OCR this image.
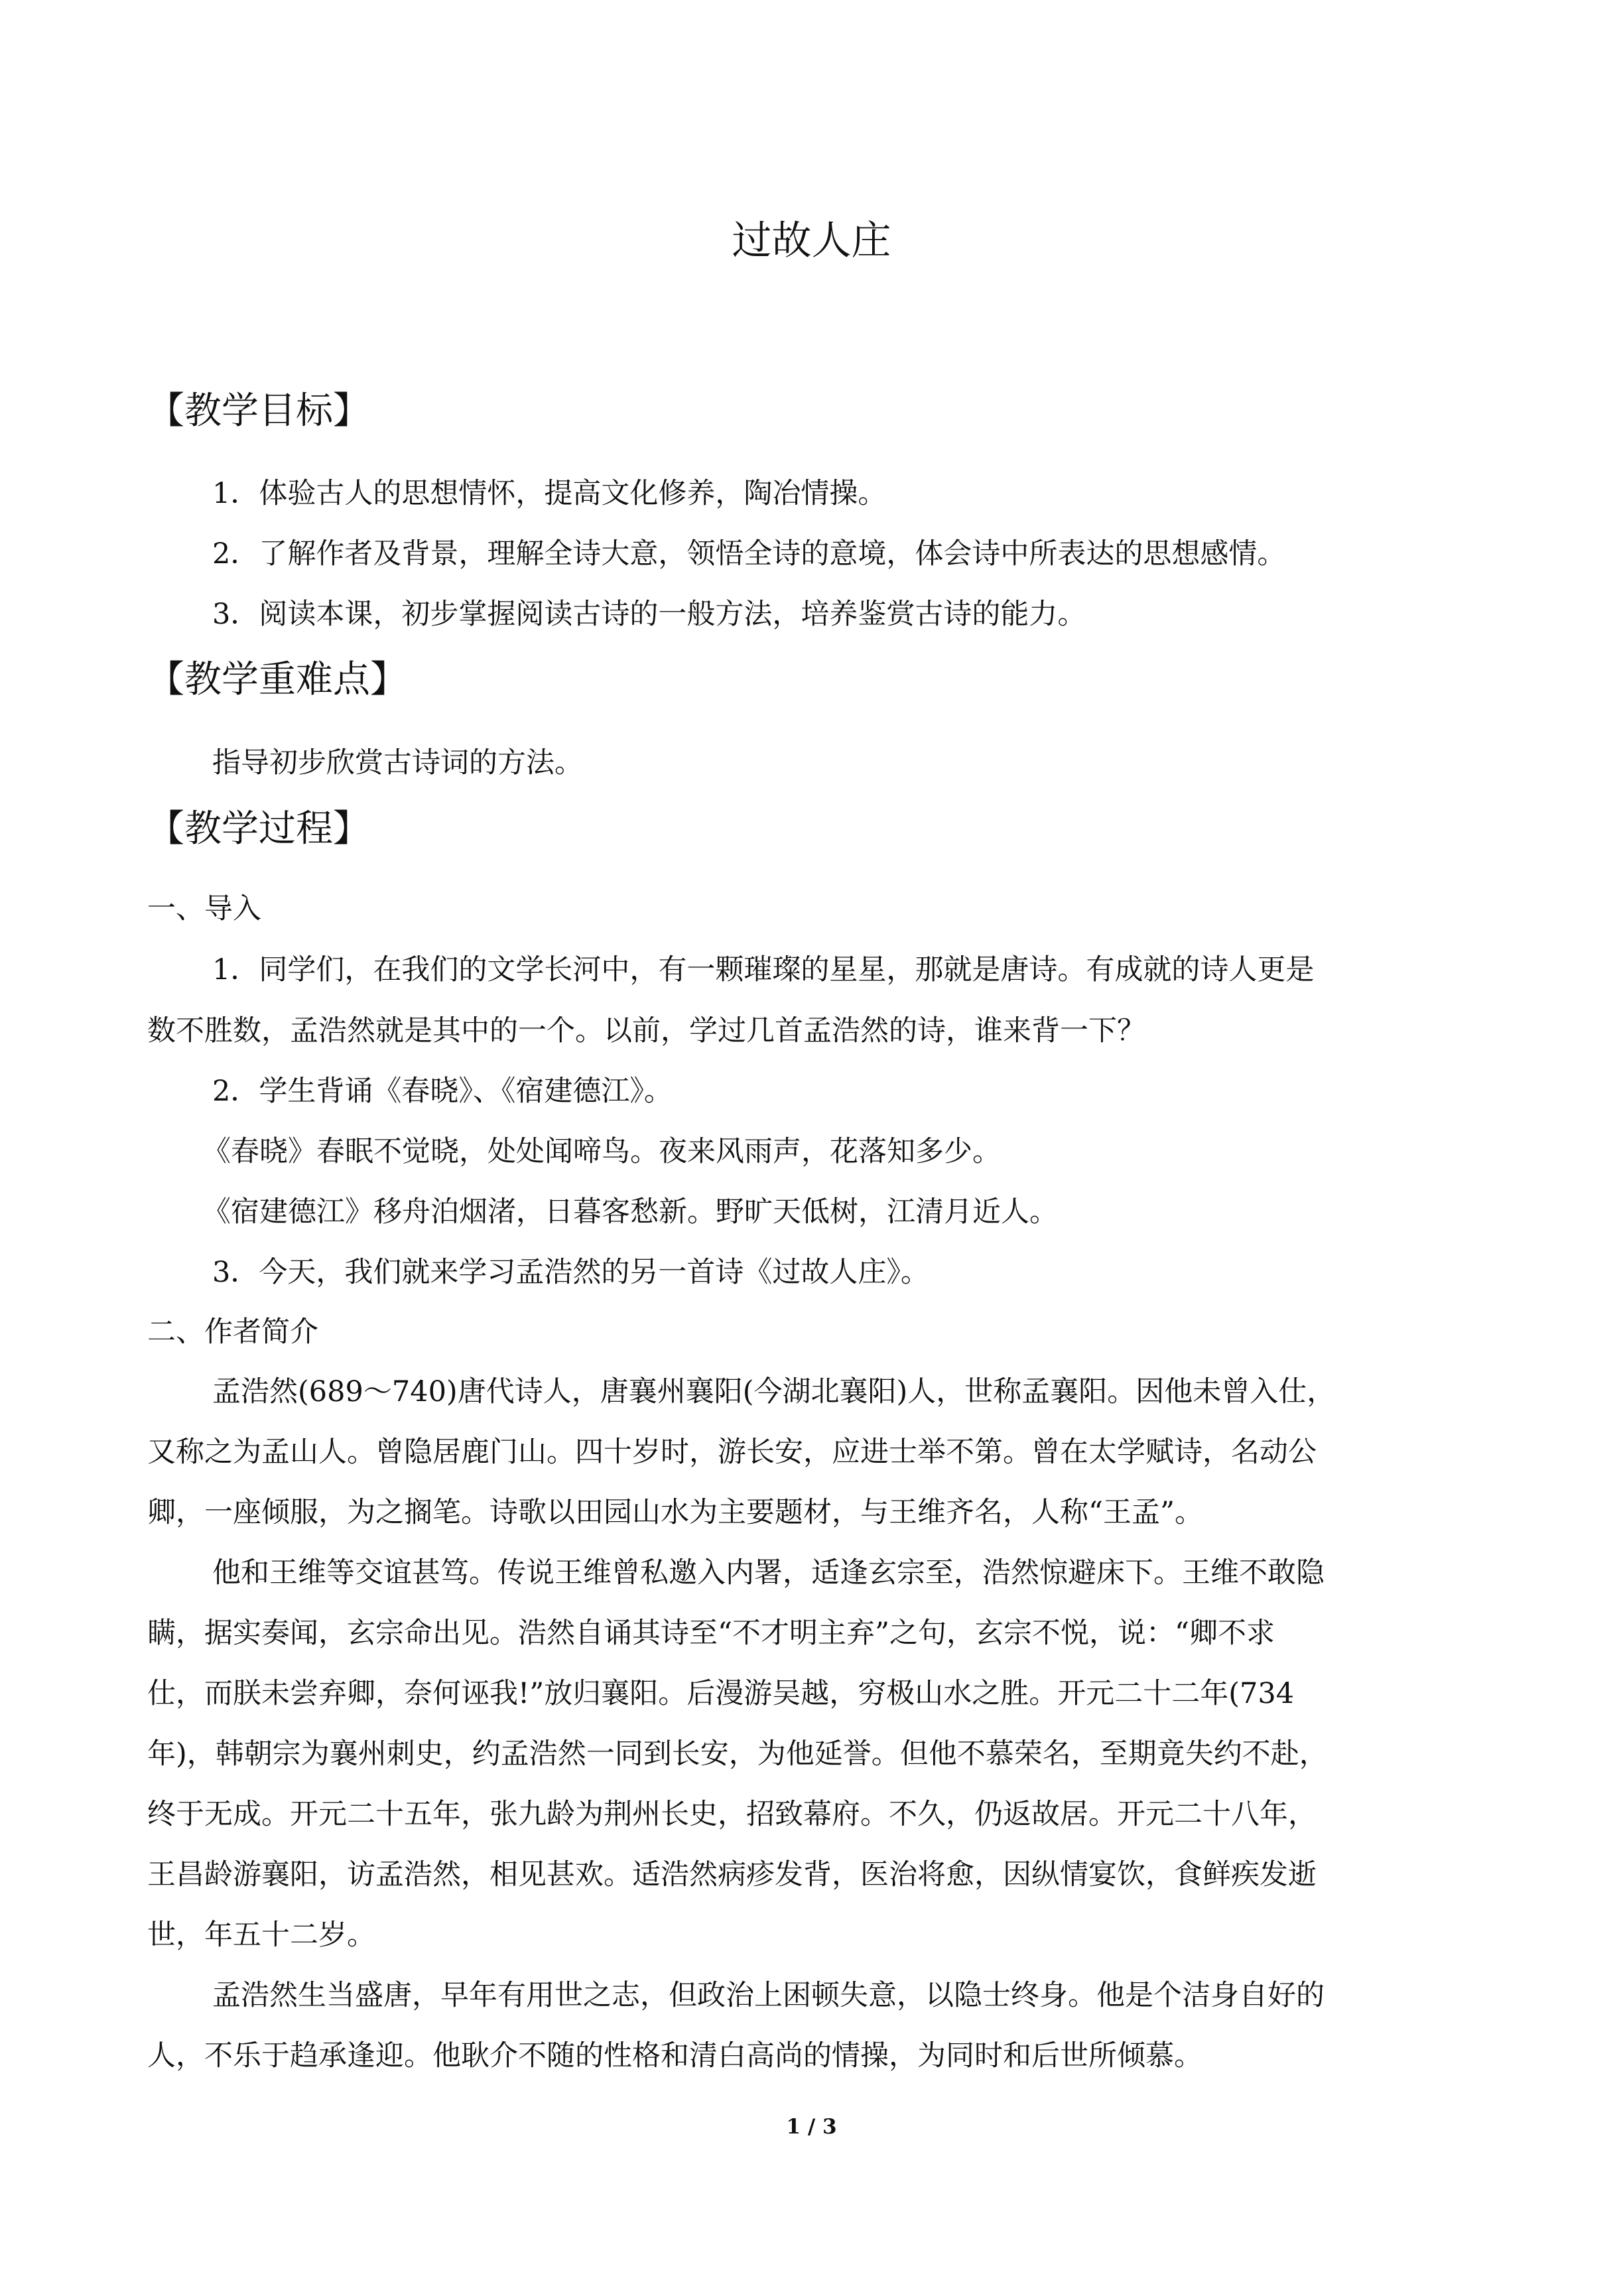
过故人庄
【教学目标】
1．体验古人的思想情怀，提高文化修养，陶冶情操。
2．了解作者及背景，理解全诗大意，领悟全诗的意境，体会诗中所表达的思想感情。
3．阅读本课，初步掌握阅读古诗的一般方法，培养鉴赏古诗的能力。
【教学重难点】
指导初步欣赏古诗词的方法。
【教学过程】
一、导入
1．同学们，在我们的文学长河中，有一颗璀璨的星星，那就是唐诗。有成就的诗人更是
数不胜数，孟浩然就是其中的一个。以前，学过几首孟浩然的诗，谁来背一下？
2．学生背诵《春晓》、《宿建德江》。
《春晓》春眠不觉晓，处处闻啼鸟。夜来风雨声，花落知多少。
《宿建德江》移舟泊烟渚，日暮客愁新。野旷天低树，江清月近人。
3．今天，我们就来学习孟浩然的另一首诗《过故人庄》。
二、作者简介
孟浩然(689～740)唐代诗人，唐襄州襄阳(今湖北襄阳)人，世称孟襄阳。因他未曾入仕，
又称之为孟山人。曾隐居鹿门山。四十岁时，游长安，应进士举不第。曾在太学赋诗，名动公
卿，一座倾服，为之搁笔。诗歌以田园山水为主要题材，与王维齐名，人称“王孟”。
他和王维等交谊甚笃。传说王维曾私邀入内署，适逢玄宗至，浩然惊避床下。王维不敢隐
瞒，据实奏闻，玄宗命出见。浩然自诵其诗至“不才明主弃”之句，玄宗不悦，说：“卿不求
仕，而朕未尝弃卿，奈何诬我!”放归襄阳。后漫游吴越，穷极山水之胜。开元二十二年(734
年)，韩朝宗为襄州刺史，约孟浩然一同到长安，为他延誉。但他不慕荣名，至期竟失约不赴，
终于无成。开元二十五年，张九龄为荆州长史，招致幕府。不久，仍返故居。开元二十八年，
王昌龄游襄阳，访孟浩然，相见甚欢。适浩然病疹发背，医治将愈，因纵情宴饮，食鲜疾发逝
世，年五十二岁。
孟浩然生当盛唐，早年有用世之志，但政治上困顿失意，以隐士终身。他是个洁身自好的
人，不乐于趋承逢迎。他耿介不随的性格和清白高尚的情操，为同时和后世所倾慕。
1 / 3
